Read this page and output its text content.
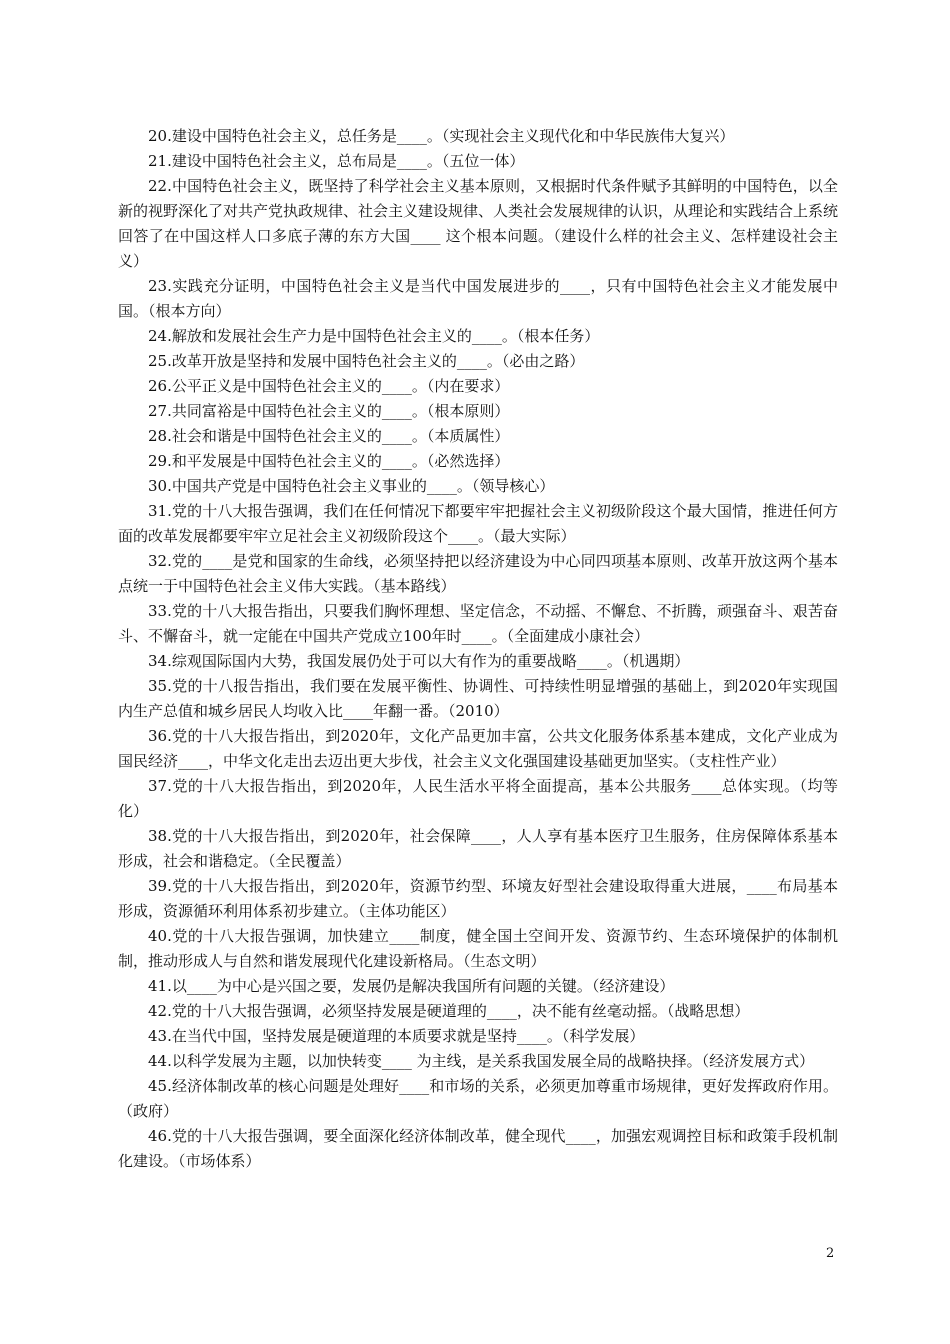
20.建设中国特色社会主义，总任务是____。（实现社会主义现代化和中华民族伟大复兴）

21.建设中国特色社会主义，总布局是____。（五位一体）

22.中国特色社会主义，既坚持了科学社会主义基本原则，又根据时代条件赋予其鲜明的中国特色，以全新的视野深化了对共产党执政规律、社会主义建设规律、人类社会发展规律的认识，从理论和实践结合上系统回答了在中国这样人口多底子薄的东方大国____ 这个根本问题。（建设什么样的社会主义、怎样建设社会主义）

23.实践充分证明，中国特色社会主义是当代中国发展进步的____，只有中国特色社会主义才能发展中国。（根本方向）

24.解放和发展社会生产力是中国特色社会主义的____。（根本任务）

25.改革开放是坚持和发展中国特色社会主义的____。（必由之路）

26.公平正义是中国特色社会主义的____。（内在要求）

27.共同富裕是中国特色社会主义的____。（根本原则）

28.社会和谐是中国特色社会主义的____。（本质属性）

29.和平发展是中国特色社会主义的____。（必然选择）

30.中国共产党是中国特色社会主义事业的____。（领导核心）

31.党的十八大报告强调，我们在任何情况下都要牢牢把握社会主义初级阶段这个最大国情，推进任何方面的改革发展都要牢牢立足社会主义初级阶段这个____。（最大实际）

32.党的____是党和国家的生命线，必须坚持把以经济建设为中心同四项基本原则、改革开放这两个基本点统一于中国特色社会主义伟大实践。（基本路线）

33.党的十八大报告指出，只要我们胸怀理想、坚定信念，不动摇、不懈怠、不折腾，顽强奋斗、艰苦奋斗、不懈奋斗，就一定能在中国共产党成立100年时____。（全面建成小康社会）

34.综观国际国内大势，我国发展仍处于可以大有作为的重要战略____。（机遇期）

35.党的十八报告指出，我们要在发展平衡性、协调性、可持续性明显增强的基础上，到2020年实现国内生产总值和城乡居民人均收入比____年翻一番。（2010）

36.党的十八大报告指出，到2020年，文化产品更加丰富，公共文化服务体系基本建成，文化产业成为国民经济____，中华文化走出去迈出更大步伐，社会主义文化强国建设基础更加坚实。（支柱性产业）

37.党的十八大报告指出，到2020年，人民生活水平将全面提高，基本公共服务____总体实现。（均等化）

38.党的十八大报告指出，到2020年，社会保障____，人人享有基本医疗卫生服务，住房保障体系基本形成，社会和谐稳定。（全民覆盖）

39.党的十八大报告指出，到2020年，资源节约型、环境友好型社会建设取得重大进展，____布局基本形成，资源循环利用体系初步建立。（主体功能区）

40.党的十八大报告强调，加快建立____制度，健全国土空间开发、资源节约、生态环境保护的体制机制，推动形成人与自然和谐发展现代化建设新格局。（生态文明）

41.以____为中心是兴国之要，发展仍是解决我国所有问题的关键。（经济建设）

42.党的十八大报告强调，必须坚持发展是硬道理的____，决不能有丝毫动摇。（战略思想）

43.在当代中国，坚持发展是硬道理的本质要求就是坚持____。（科学发展）

44.以科学发展为主题，以加快转变____ 为主线，是关系我国发展全局的战略抉择。（经济发展方式）

45.经济体制改革的核心问题是处理好____和市场的关系，必须更加尊重市场规律，更好发挥政府作用。（政府）

46.党的十八大报告强调，要全面深化经济体制改革，健全现代____，加强宏观调控目标和政策手段机制化建设。（市场体系）

2
